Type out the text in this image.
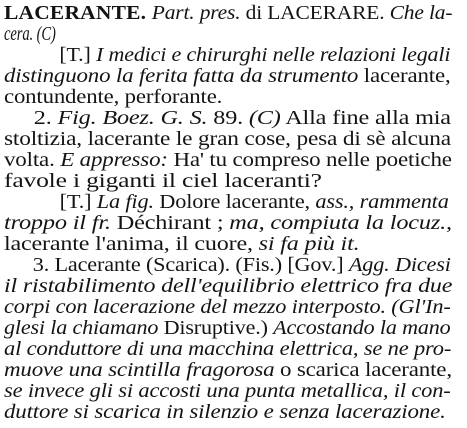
LACERANTE. Part. pres. di LACERARE. Che la-
cera. (C)
[T.] I medici e chirurghi nelle relazioni legali
distinguono la ferita fatta da strumento lacerante,
contundente, perforante.
2. Fig. Boez. G. S. 89. (C) Alla fine alla mia
stoltizia, lacerante le gran cose, pesa di sè alcuna
volta. E appresso: Ha' tu compreso nelle poetiche
favole i giganti il ciel laceranti?
[T.] La fig. Dolore lacerante, ass., rammenta
troppo il fr. Déchirant ; ma, compiuta la locuz.,
lacerante l'anima, il cuore, si fa più it.
3. Lacerante (Scarica). (Fis.) [Gov.] Agg. Dicesi
il ristabilimento dell'equilibrio elettrico fra due
corpi con lacerazione del mezzo interposto. (Gl'In-
glesi la chiamano Disruptive.) Accostando la mano
al conduttore di una macchina elettrica, se ne pro-
muove una scintilla fragorosa o scarica lacerante,
se invece gli si accosti una punta metallica, il con-
duttore si scarica in silenzio e senza lacerazione.
